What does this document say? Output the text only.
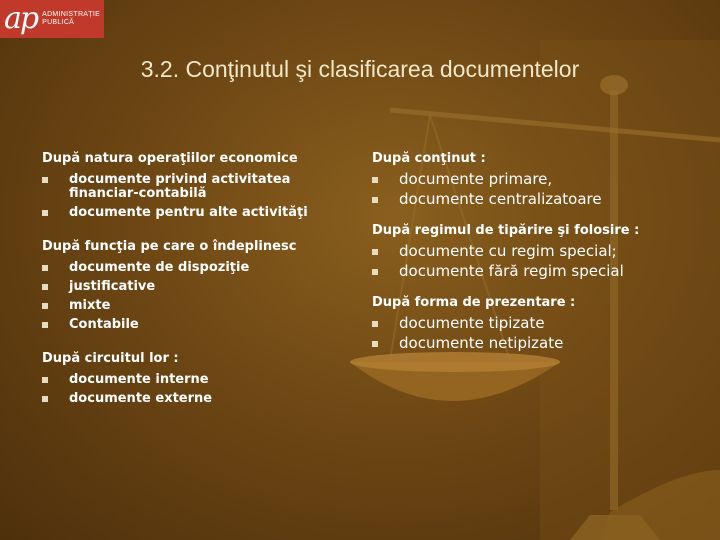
ap ADMINISTRAȚIE
PUBLICĂ
3.2. Conţinutul şi clasificarea documentelor
După natura operaţiilor economice
documente privind activitatea financiar-contabilă
documente pentru alte activităţi
După funcţia pe care o îndeplinesc
documente de dispoziţie
justificative
mixte
Contabile
După circuitul lor :
documente interne
documente externe
După conţinut :
documente primare,
documente centralizatoare
După regimul de tipărire şi folosire :
documente cu regim special;
documente fără regim special
După forma de prezentare :
documente tipizate
documente netipizate
